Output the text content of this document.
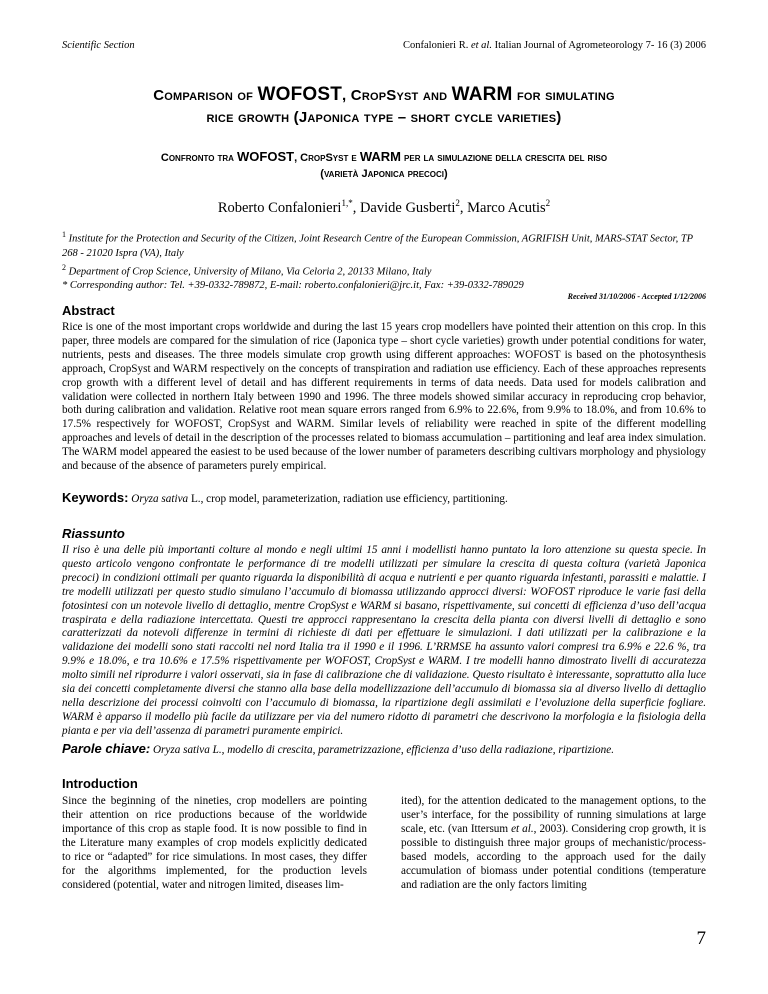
Scientific Section	Confalonieri R. et al. Italian Journal of Agrometeorology 7- 16 (3) 2006
Comparison of WOFOST, CropSyst and WARM for simulating
rice growth (Japonica type – short cycle varieties)
Confronto tra WOFOST, CropSyst e WARM per la simulazione della crescita del riso
(varietà Japonica precoci)
Roberto Confalonieri$^{1,*}$, Davide Gusberti$^2$, Marco Acutis$^2$

$^1$ Institute for the Protection and Security of the Citizen, Joint Research Centre of the European Commission, AGRIFISH Unit, MARS-STAT Sector, TP 268 - 21020 Ispra (VA), Italy

$^2$ Department of Crop Science, University of Milano, Via Celoria 2, 20133 Milano, Italy

* Corresponding author: Tel. +39-0332-789872, E-mail: roberto.confalonieri@jrc.it, Fax: +39-0332-789029

Received 31/10/2006 - Accepted 1/12/2006
Abstract

Rice is one of the most important crops worldwide and during the last 15 years crop modellers have pointed their attention on this crop. In this paper, three models are compared for the simulation of rice (Japonica type – short cycle varieties) growth under potential conditions for water, nutrients, pests and diseases. The three models simulate crop growth using different approaches: WOFOST is based on the photosynthesis approach, CropSyst and WARM respectively on the concepts of transpiration and radiation use efficiency. Each of these approaches represents crop growth with a different level of detail and has different requirements in terms of data needs. Data used for models calibration and validation were collected in northern Italy between 1990 and 1996. The three models showed similar accuracy in reproducing crop behavior, both during calibration and validation. Relative root mean square errors ranged from 6.9% to 22.6%, from 9.9% to 18.0%, and from 10.6% to 17.5% respectively for WOFOST, CropSyst and WARM. Similar levels of reliability were reached in spite of the different modelling approaches and levels of detail in the description of the processes related to biomass accumulation – partitioning and leaf area index simulation. The WARM model appeared the easiest to be used because of the lower number of parameters describing cultivars morphology and physiology and because of the absence of parameters purely empirical.

Keywords: Oryza sativa L., crop model, parameterization, radiation use efficiency, partitioning.
Riassunto

Il riso è una delle più importanti colture al mondo e negli ultimi 15 anni i modellisti hanno puntato la loro attenzione su questa specie. In questo articolo vengono confrontate le performance di tre modelli utilizzati per simulare la crescita di questa coltura (varietà Japonica precoci) in condizioni ottimali per quanto riguarda la disponibilità di acqua e nutrienti e per quanto riguarda infestanti, parassiti e malattie. I tre modelli utilizzati per questo studio simulano l’accumulo di biomassa utilizzando approcci diversi: WOFOST riproduce le varie fasi della fotosintesi con un notevole livello di dettaglio, mentre CropSyst e WARM si basano, rispettivamente, sui concetti di efficienza d’uso dell’acqua traspirata e della radiazione intercettata. Questi tre approcci rappresentano la crescita della pianta con diversi livelli di dettaglio e sono caratterizzati da notevoli differenze in termini di richieste di dati per effettuare le simulazioni. I dati utilizzati per la calibrazione e la validazione dei modelli sono stati raccolti nel nord Italia tra il 1990 e il 1996. L’RRMSE ha assunto valori compresi tra 6.9% e 22.6 %, tra 9.9% e 18.0%, e tra 10.6% e 17.5% rispettivamente per WOFOST, CropSyst e WARM. I tre modelli hanno dimostrato livelli di accuratezza molto simili nel riprodurre i valori osservati, sia in fase di calibrazione che di validazione. Questo risultato è interessante, soprattutto alla luce sia dei concetti completamente diversi che stanno alla base della modellizzazione dell’accumulo di biomassa sia al diverso livello di dettaglio nella descrizione dei processi coinvolti con l’accumulo di biomassa, la ripartizione degli assimilati e l’evoluzione della superficie fogliare. WARM è apparso il modello più facile da utilizzare per via del numero ridotto di parametri che descrivono la morfologia e la fisiologia della pianta e per via dell’assenza di parametri puramente empirici.

Parole chiave: Oryza sativa L., modello di crescita, parametrizzazione, efficienza d’uso della radiazione, ripartizione.
Introduction

Since the beginning of the nineties, crop modellers are pointing their attention on rice productions because of the worldwide importance of this crop as staple food. It is now possible to find in the Literature many examples of crop models explicitly dedicated to rice or “adapted” for rice simulations. In most cases, they differ for the algorithms implemented, for the production levels considered (potential, water and nitrogen limited, diseases lim-

ited), for the attention dedicated to the management options, to the user’s interface, for the possibility of running simulations at large scale, etc. (van Ittersum et al., 2003). Considering crop growth, it is possible to distinguish three major groups of mechanistic/process-based models, according to the approach used for the daily accumulation of biomass under potential conditions (temperature and radiation are the only factors limiting

7
